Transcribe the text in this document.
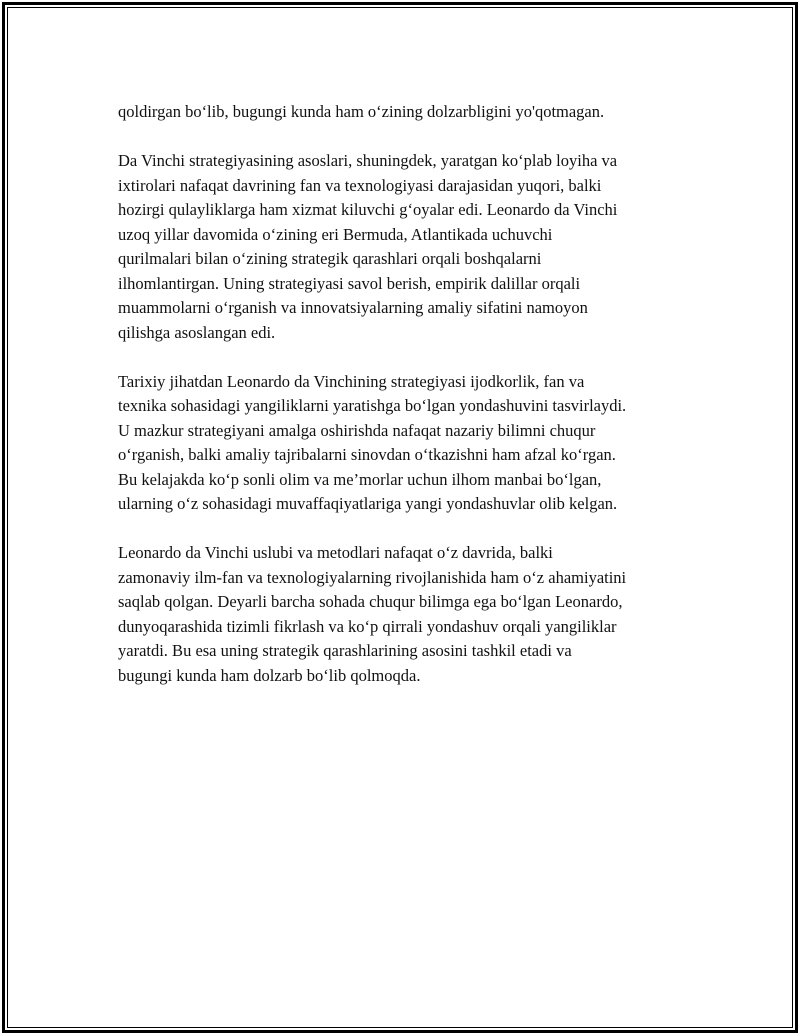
qoldirgan bo‘lib, bugungi kunda ham o‘zining dolzarbligini yo'qotmagan.

Da Vinchi strategiyasining asoslari, shuningdek, yaratgan ko‘plab loyiha va
ixtirolari nafaqat davrining fan va texnologiyasi darajasidan yuqori, balki
hozirgi qulayliklarga ham xizmat kiluvchi g‘oyalar edi. Leonardo da Vinchi
uzoq yillar davomida o‘zining eri Bermuda, Atlantikada uchuvchi
qurilmalari bilan o‘zining strategik qarashlari orqali boshqalarni
ilhomlantirgan. Uning strategiyasi savol berish, empirik dalillar orqali
muammolarni o‘rganish va innovatsiyalarning amaliy sifatini namoyon
qilishga asoslangan edi.

Tarixiy jihatdan Leonardo da Vinchining strategiyasi ijodkorlik, fan va
texnika sohasidagi yangiliklarni yaratishga bo‘lgan yondashuvini tasvirlaydi.
U mazkur strategiyani amalga oshirishda nafaqat nazariy bilimni chuqur
o‘rganish, balki amaliy tajribalarni sinovdan o‘tkazishni ham afzal ko‘rgan.
Bu kelajakda ko‘p sonli olim va me’morlar uchun ilhom manbai bo‘lgan,
ularning o‘z sohasidagi muvaffaqiyatlariga yangi yondashuvlar olib kelgan.

Leonardo da Vinchi uslubi va metodlari nafaqat o‘z davrida, balki
zamonaviy ilm-fan va texnologiyalarning rivojlanishida ham o‘z ahamiyatini
saqlab qolgan. Deyarli barcha sohada chuqur bilimga ega bo‘lgan Leonardo,
dunyoqarashida tizimli fikrlash va ko‘p qirrali yondashuv orqali yangiliklar
yaratdi. Bu esa uning strategik qarashlarining asosini tashkil etadi va
bugungi kunda ham dolzarb bo‘lib qolmoqda.
